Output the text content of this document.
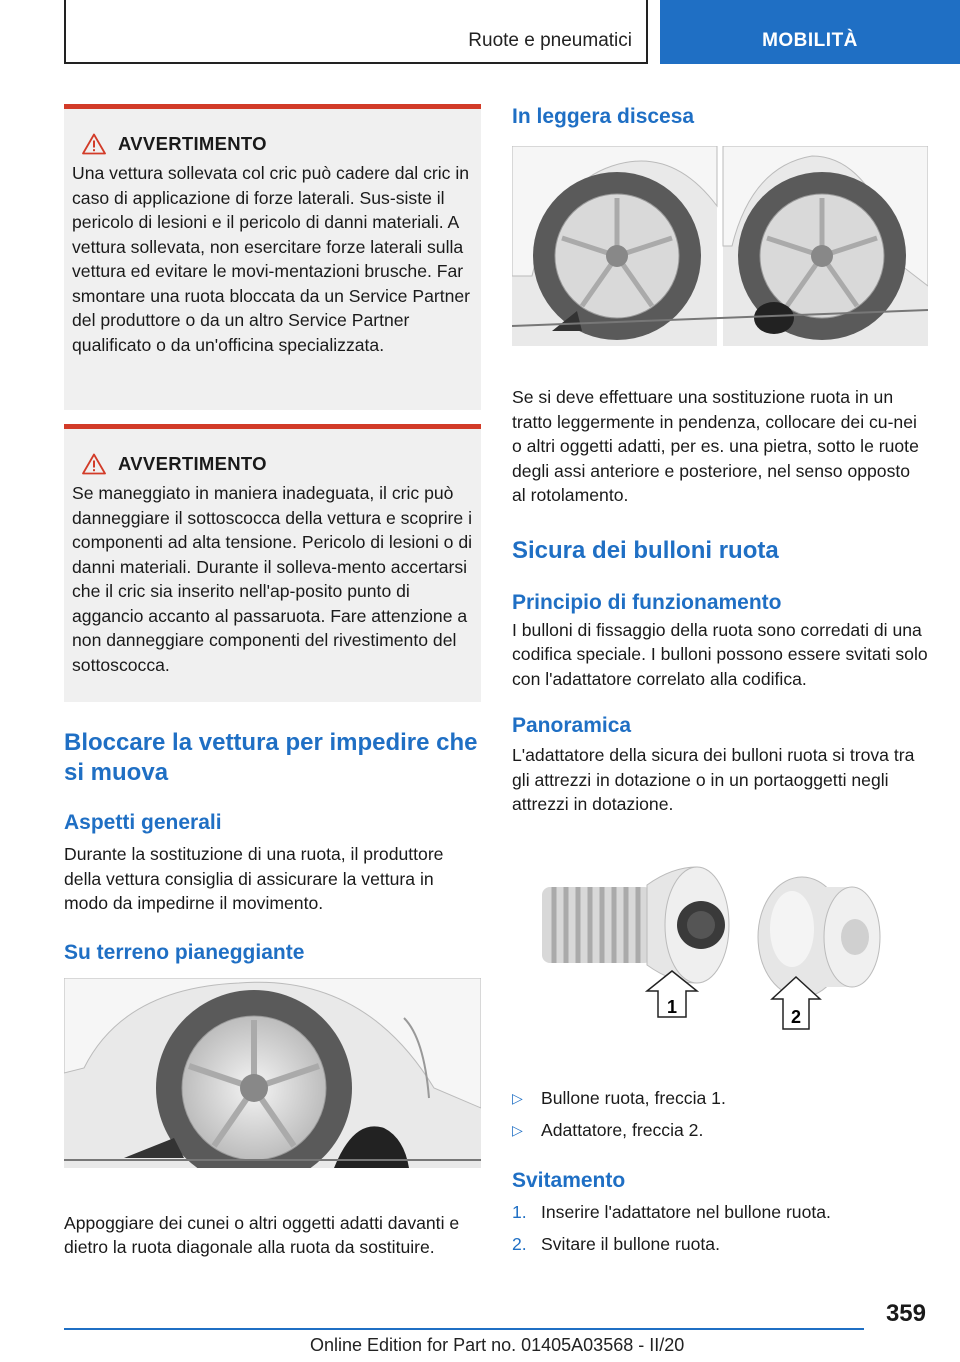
Ruote e pneumatici	MOBILITÀ
AVVERTIMENTO
Una vettura sollevata col cric può cadere dal cric in caso di applicazione di forze laterali. Sus‐siste il pericolo di lesioni e il pericolo di danni materiali. A vettura sollevata, non esercitare forze laterali sulla vettura ed evitare le movi‐mentazioni brusche. Far smontare una ruota bloccata da un Service Partner del produttore o da un altro Service Partner qualificato o da un'officina specializzata.
AVVERTIMENTO
Se maneggiato in maniera inadeguata, il cric può danneggiare il sottoscocca della vettura e scoprire i componenti ad alta tensione. Pericolo di lesioni o di danni materiali. Durante il solleva‐mento accertarsi che il cric sia inserito nell'ap‐posito punto di aggancio accanto al passaruota. Fare attenzione a non danneggiare componenti del rivestimento del sottoscocca.
Bloccare la vettura per impedire che si muova
Aspetti generali

Durante la sostituzione di una ruota, il produttore della vettura consiglia di assicurare la vettura in modo da impedirne il movimento.

Su terreno pianeggiante

Appoggiare dei cunei o altri oggetti adatti davanti e dietro la ruota diagonale alla ruota da sostituire.

In leggera discesa

Se si deve effettuare una sostituzione ruota in un tratto leggermente in pendenza, collocare dei cu‐nei o altri oggetti adatti, per es. una pietra, sotto le ruote degli assi anteriore e posteriore, nel senso opposto al rotolamento.

Sicura dei bulloni ruota
Principio di funzionamento

I bulloni di fissaggio della ruota sono corredati di una codifica speciale. I bulloni possono essere svitati solo con l'adattatore correlato alla codifica.

Panoramica

L'adattatore della sicura dei bulloni ruota si trova tra gli attrezzi in dotazione o in un portaoggetti negli attrezzi in dotazione.

1	2
▷	Bullone ruota, freccia 1.
▷	Adattatore, freccia 2.
Svitamento
1. Inserire l'adattatore nel bullone ruota.
2. Svitare il bullone ruota.
359
Online Edition for Part no. 01405A03568 - II/20
